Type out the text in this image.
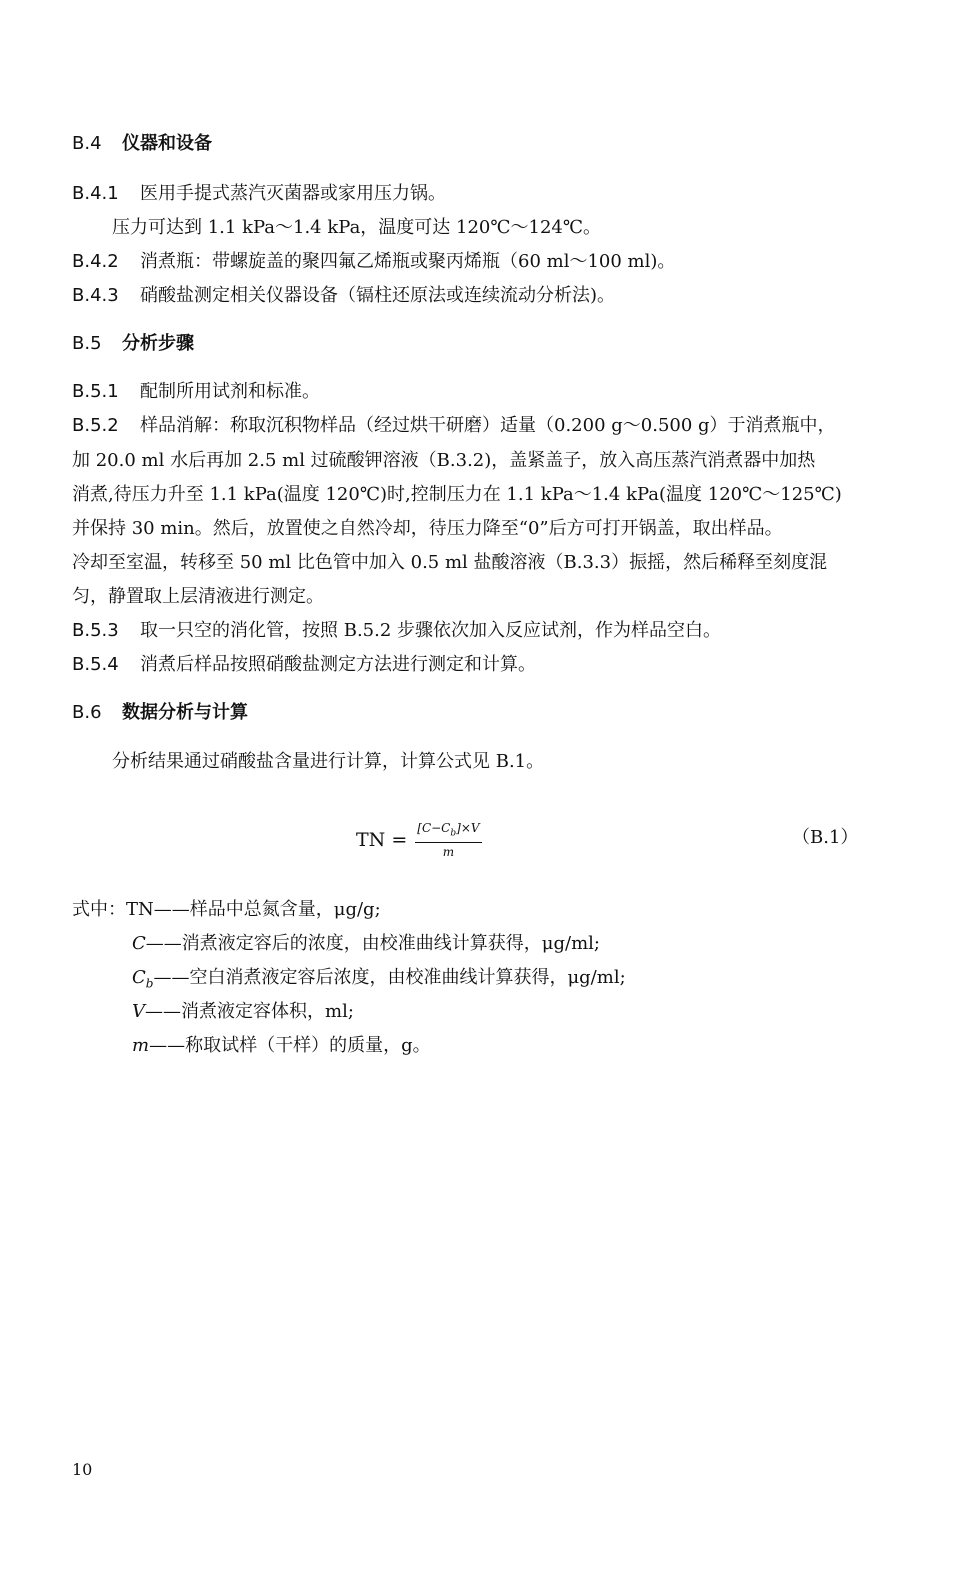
B.4 仪器和设备
B.4.1 医用手提式蒸汽灭菌器或家用压力锅。
压力可达到 1.1 kPa～1.4 kPa，温度可达 120℃～124℃。
B.4.2 消煮瓶：带螺旋盖的聚四氟乙烯瓶或聚丙烯瓶（60 ml～100 ml)。
B.4.3 硝酸盐测定相关仪器设备（镉柱还原法或连续流动分析法)。
B.5 分析步骤
B.5.1 配制所用试剂和标准。
B.5.2 样品消解：称取沉积物样品（经过烘干研磨）适量（0.200 g～0.500 g）于消煮瓶中，
加 20.0 ml 水后再加 2.5 ml 过硫酸钾溶液（B.3.2)，盖紧盖子，放入高压蒸汽消煮器中加热
消煮,待压力升至 1.1 kPa(温度 120℃)时,控制压力在 1.1 kPa～1.4 kPa(温度 120℃～125℃)
并保持 30 min。然后，放置使之自然冷却，待压力降至“0”后方可打开锅盖，取出样品。
冷却至室温，转移至 50 ml 比色管中加入 0.5 ml 盐酸溶液（B.3.3）振摇，然后稀释至刻度混
匀，静置取上层清液进行测定。
B.5.3 取一只空的消化管，按照 B.5.2 步骤依次加入反应试剂，作为样品空白。
B.5.4 消煮后样品按照硝酸盐测定方法进行测定和计算。
B.6 数据分析与计算
分析结果通过硝酸盐含量进行计算，计算公式见 B.1。
TN = $\frac{[C-C_b]\times V}{m}$	（B.1）
式中：TN——样品中总氮含量，μg/g;
C——消煮液定容后的浓度，由校准曲线计算获得，μg/ml;
$C_b——$空白消煮液定容后浓度，由校准曲线计算获得，μg/ml;
V——消煮液定容体积，ml;
m——称取试样（干样）的质量，g。
10
